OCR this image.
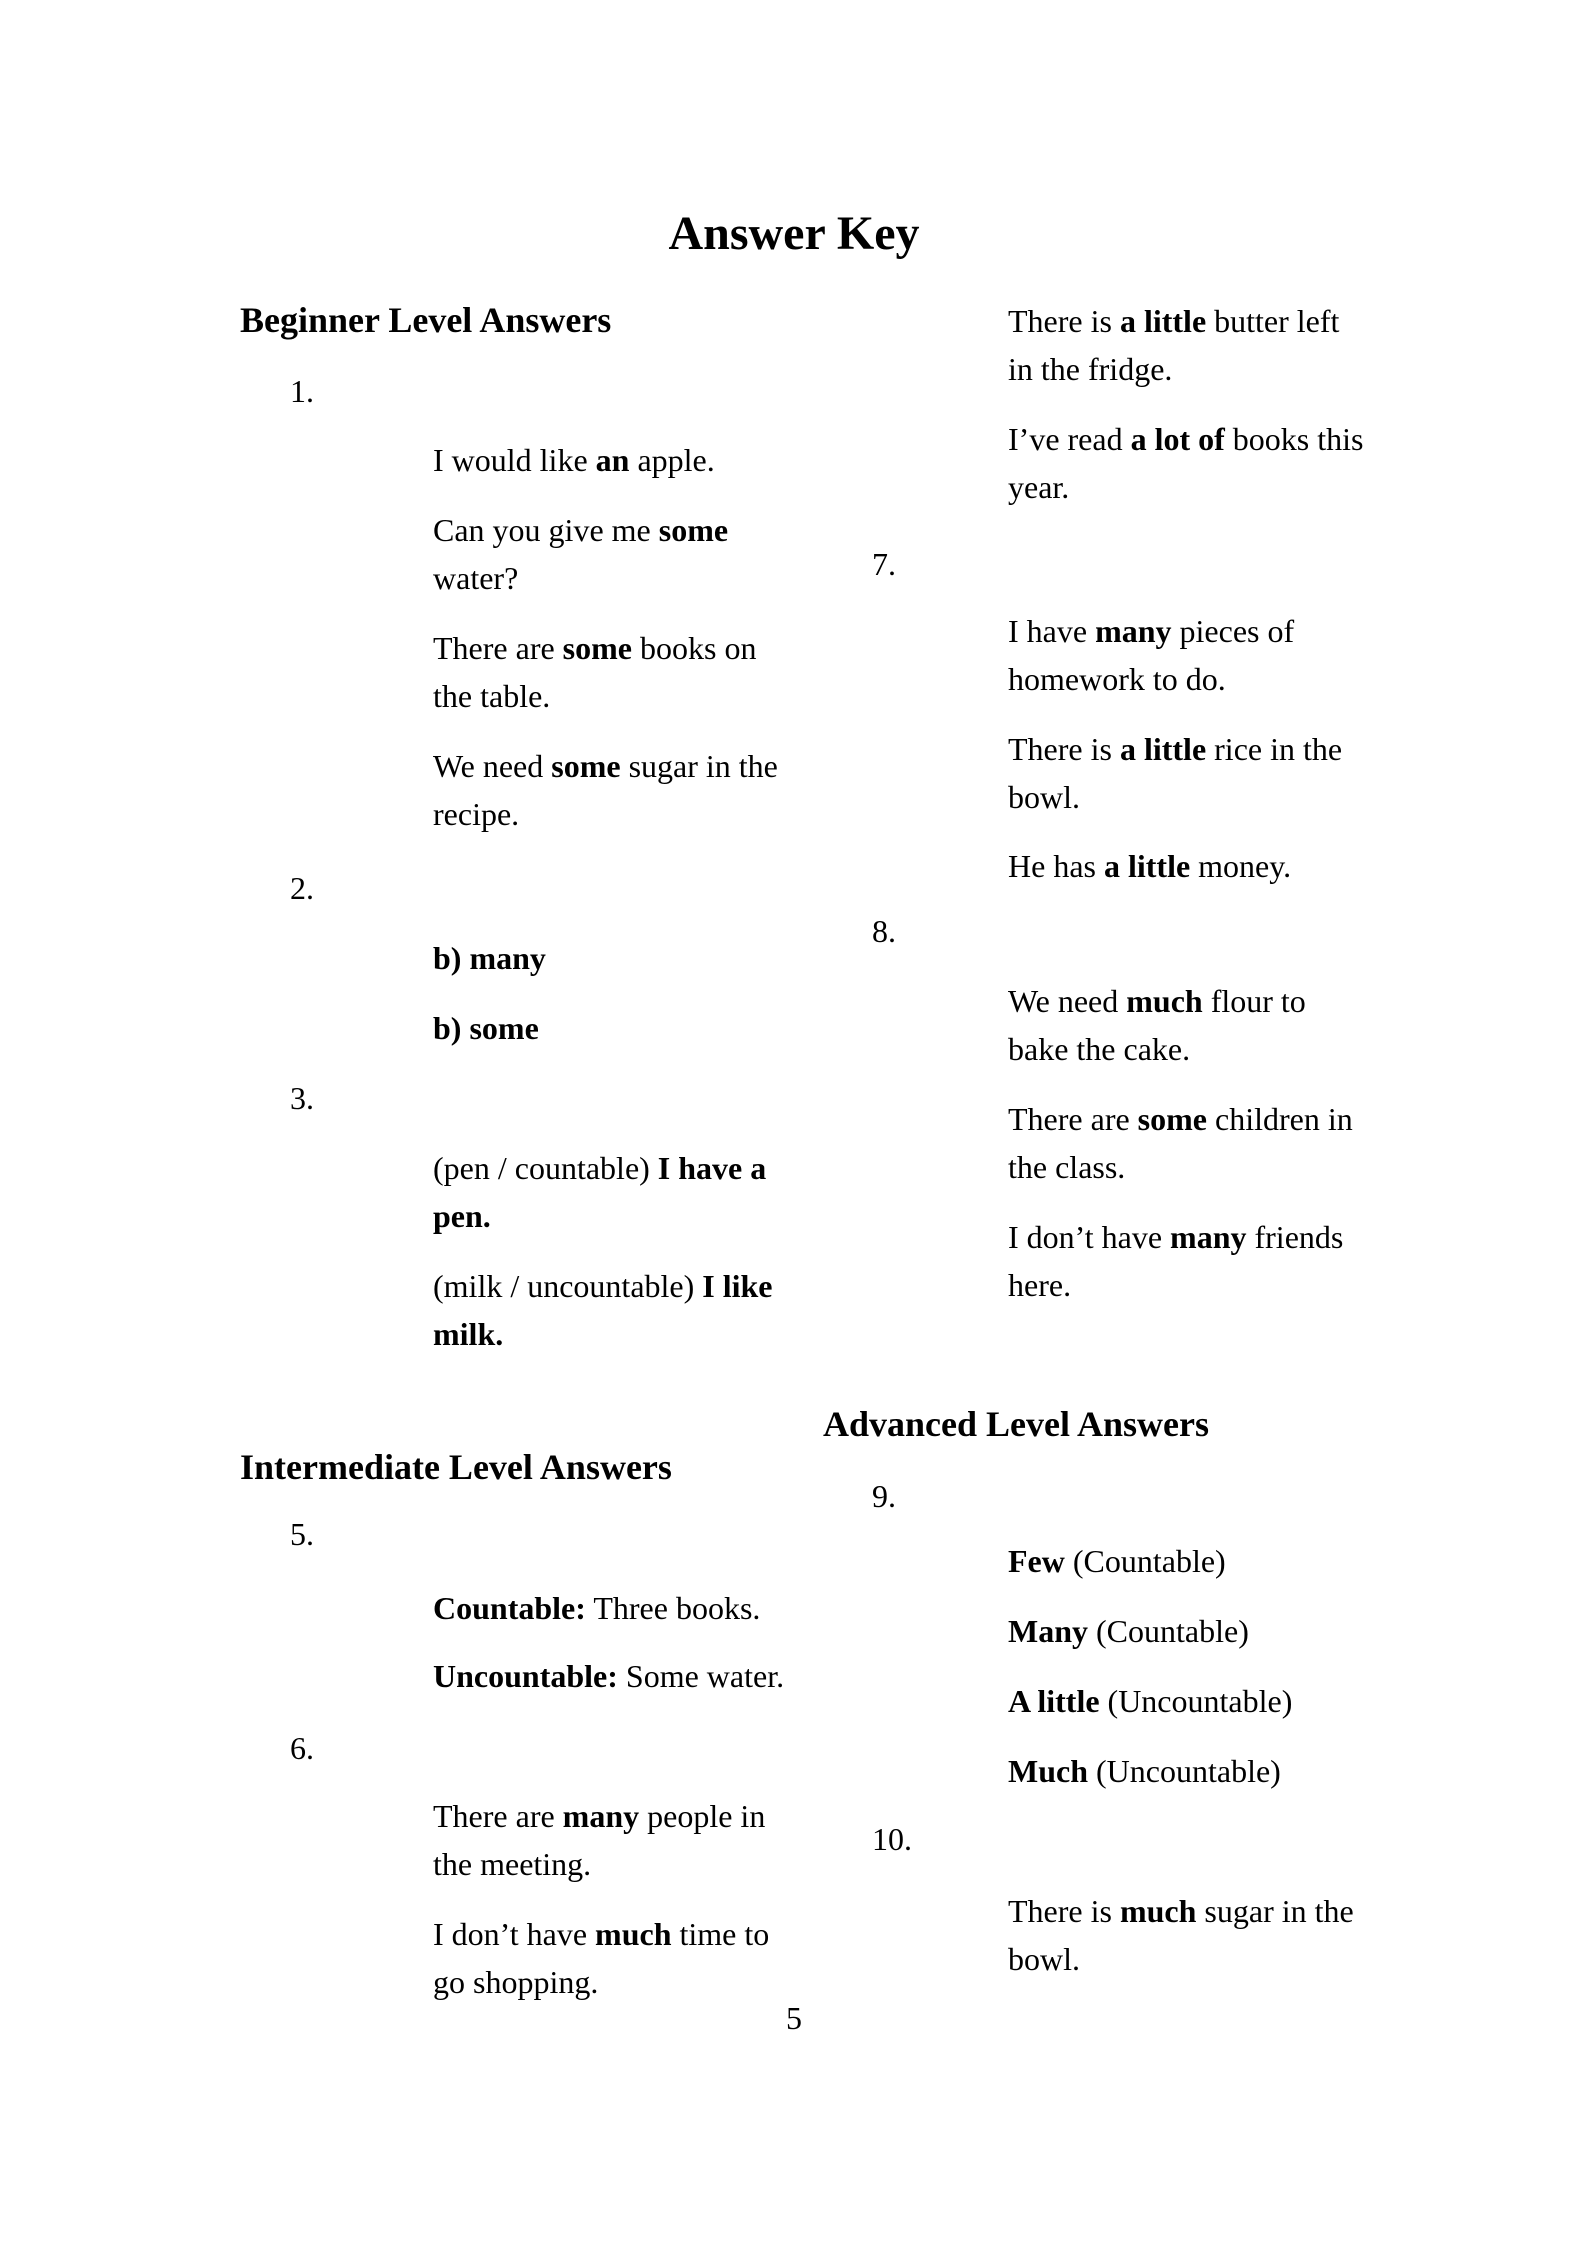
Answer Key
Beginner Level Answers
1.
I would like an apple.
Can you give me some
water?
There are some books on
the table.
We need some sugar in the
recipe.
2.
b) many
b) some
3.
(pen / countable) I have a
pen.
(milk / uncountable) I like
milk.
Intermediate Level Answers
5.
Countable: Three books.
Uncountable: Some water.
6.
There are many people in
the meeting.
I don’t have much time to
go shopping.
There is a little butter left
in the fridge.
I’ve read a lot of books this
year.
7.
I have many pieces of
homework to do.
There is a little rice in the
bowl.
He has a little money.
8.
We need much flour to
bake the cake.
There are some children in
the class.
I don’t have many friends
here.
Advanced Level Answers
9.
Few (Countable)
Many (Countable)
A little (Uncountable)
Much (Uncountable)
10.
There is much sugar in the
bowl.
5
